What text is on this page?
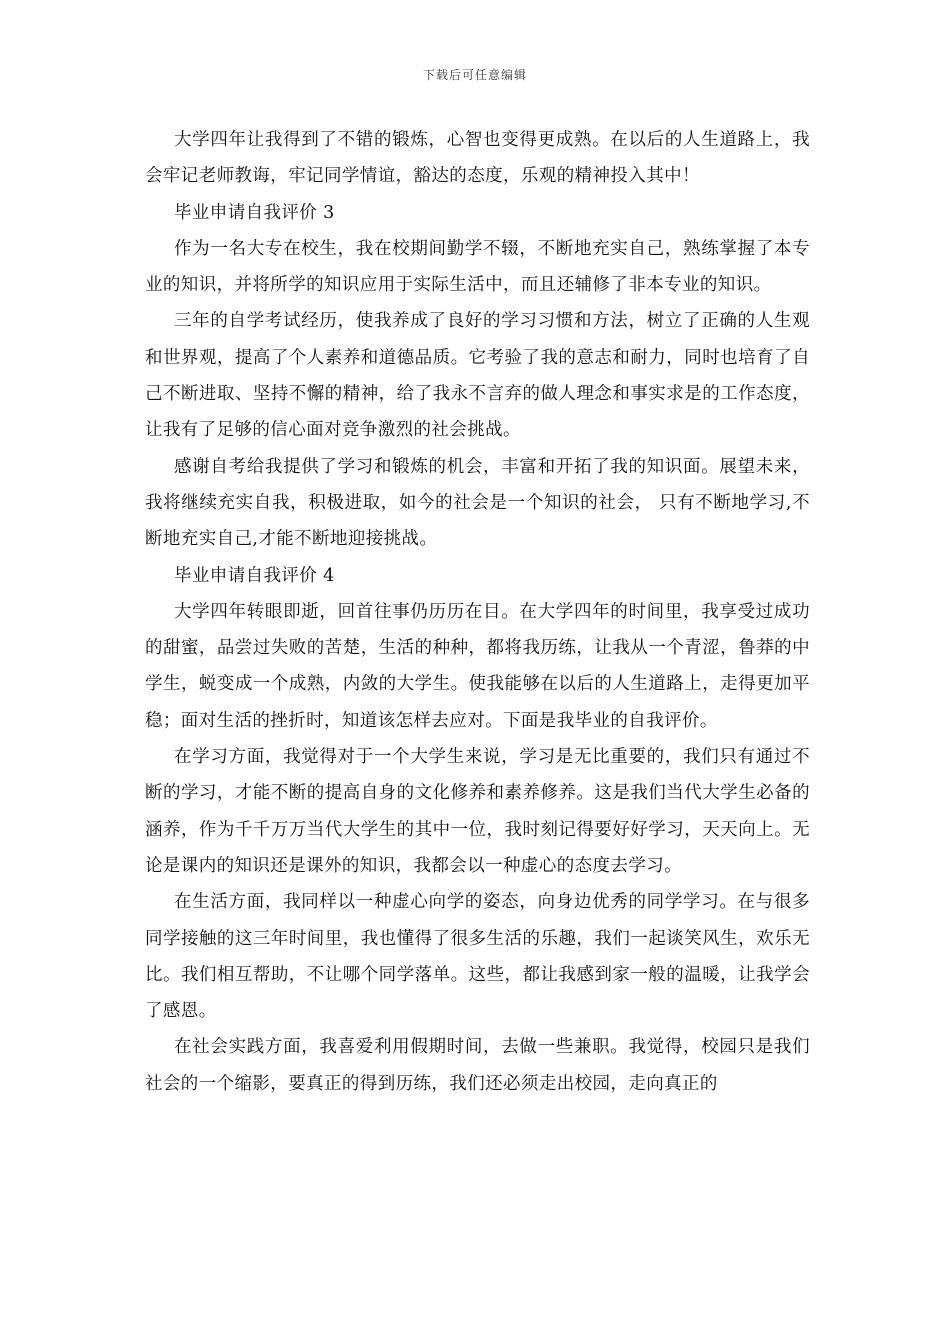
下载后可任意编辑

大学四年让我得到了不错的锻炼，心智也变得更成熟。在以后的人生道路上，我会牢记老师教诲，牢记同学情谊，豁达的态度，乐观的精神投入其中！

毕业申请自我评价 3

作为一名大专在校生，我在校期间勤学不辍，不断地充实自己，熟练掌握了本专业的知识，并将所学的知识应用于实际生活中，而且还辅修了非本专业的知识。

三年的自学考试经历，使我养成了良好的学习习惯和方法，树立了正确的人生观和世界观，提高了个人素养和道德品质。它考验了我的意志和耐力，同时也培育了自己不断进取、坚持不懈的精神，给了我永不言弃的做人理念和事实求是的工作态度，让我有了足够的信心面对竞争激烈的社会挑战。

感谢自考给我提供了学习和锻炼的机会，丰富和开拓了我的知识面。展望未来，我将继续充实自我，积极进取，如今的社会是一个知识的社会， 只有不断地学习,不断地充实自己,才能不断地迎接挑战。

毕业申请自我评价 4

大学四年转眼即逝，回首往事仍历历在目。在大学四年的时间里，我享受过成功的甜蜜，品尝过失败的苦楚，生活的种种，都将我历练，让我从一个青涩，鲁莽的中学生，蜕变成一个成熟，内敛的大学生。使我能够在以后的人生道路上，走得更加平稳；面对生活的挫折时，知道该怎样去应对。下面是我毕业的自我评价。

在学习方面，我觉得对于一个大学生来说，学习是无比重要的，我们只有通过不断的学习，才能不断的提高自身的文化修养和素养修养。这是我们当代大学生必备的涵养，作为千千万万当代大学生的其中一位，我时刻记得要好好学习，天天向上。无论是课内的知识还是课外的知识，我都会以一种虚心的态度去学习。

在生活方面，我同样以一种虚心向学的姿态，向身边优秀的同学学习。在与很多同学接触的这三年时间里，我也懂得了很多生活的乐趣，我们一起谈笑风生，欢乐无比。我们相互帮助，不让哪个同学落单。这些，都让我感到家一般的温暖，让我学会了感恩。

在社会实践方面，我喜爱利用假期时间，去做一些兼职。我觉得，校园只是我们社会的一个缩影，要真正的得到历练，我们还必须走出校园，走向真正的
